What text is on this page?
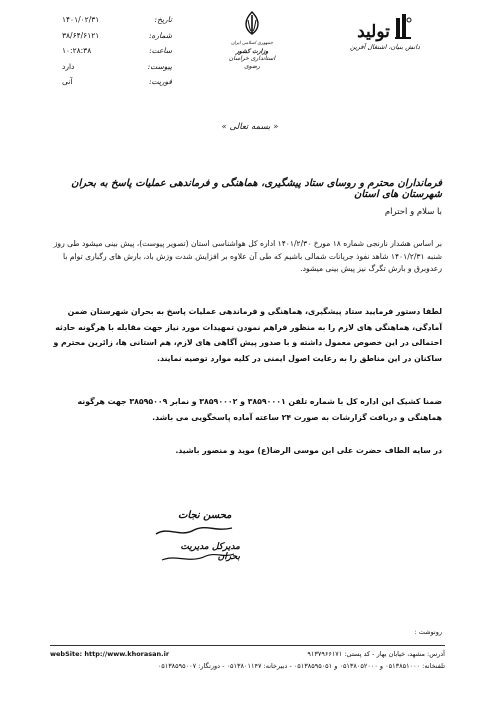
تاریخ:
۱۴۰۱/۰۲/۳۱
شماره:
۳۸/۶۴/۶۱۲۱
ساعت:
۱۰:۲۸:۳۸
پیوست:
دارد
فوریت:
آنی
جمهوری اسلامی ایران
وزارت کشور
استانداری خراسان رضوی
تولید
دانش بنیان، اشتغال آفرین
« بسمه تعالی »
فرمانداران محترم و روسای ستاد پیشگیری، هماهنگی و فرماندهی عملیات پاسخ به بحران شهرستان های استان
با سلام و احترام
بر اساس هشدار نارنجی شماره ۱۸ مورخ ۱۴۰۱/۲/۳۰ اداره کل هواشناسی استان (تصویر پیوست)، پیش بینی میشود طی روز شنبه ۱۴۰۱/۲/۳۱ شاهد نفوذ جریانات شمالی باشیم که طی آن علاوه بر افزایش شدت وزش باد، بارش های رگباری توام با رعدوبرق و بارش تگرگ نیز پیش بینی میشود.
لطفا دستور فرمایید ستاد پیشگیری، هماهنگی و فرماندهی عملیات پاسخ به بحران شهرستان ضمن آمادگی، هماهنگی های لازم را به منظور فراهم نمودن تمهیدات مورد نیاز جهت مقابله با هرگونه حادثه احتمالی در این خصوص معمول داشته و با صدور پیش آگاهی های لازم، هم استانی ها، زائرین محترم و ساکنان در این مناطق را به رعایت اصول ایمنی در کلیه موارد توصیه نمایند.
ضمنا کشیک این اداره کل با شماره تلفن ۳۸۵۹۰۰۰۱ و ۳۸۵۹۰۰۰۲ و نمابر ۳۸۵۹۵۰۰۹ جهت هرگونه هماهنگی و دریافت گزارشات به صورت ۲۴ ساعته آماده پاسخگویی می باشد.
در سایه الطاف حضرت علی ابن موسی الرضا(ع) موید و منصور باشید.
محسن نجات
مدیرکل مدیریت بحران
رونوشت :
webSite: http://www.khorasan.ir	آدرس: مشهد، خیابان بهار - کد پستی: ۹۱۳۷۹۶۶۱۷۱
تلفنخانه: ۰۵۱۳۸۵۱۰۰۰ و ۰۵۱۳۸۰۵۲۰۰۰ و ۰۵۱۳۸۵۹۵۰۵۱ - دبیرخانه: ۰۵۱۳۸۰۱۱۴۷ - دورنگار: ۰۵۱۳۸۵۹۵۰۰۷
